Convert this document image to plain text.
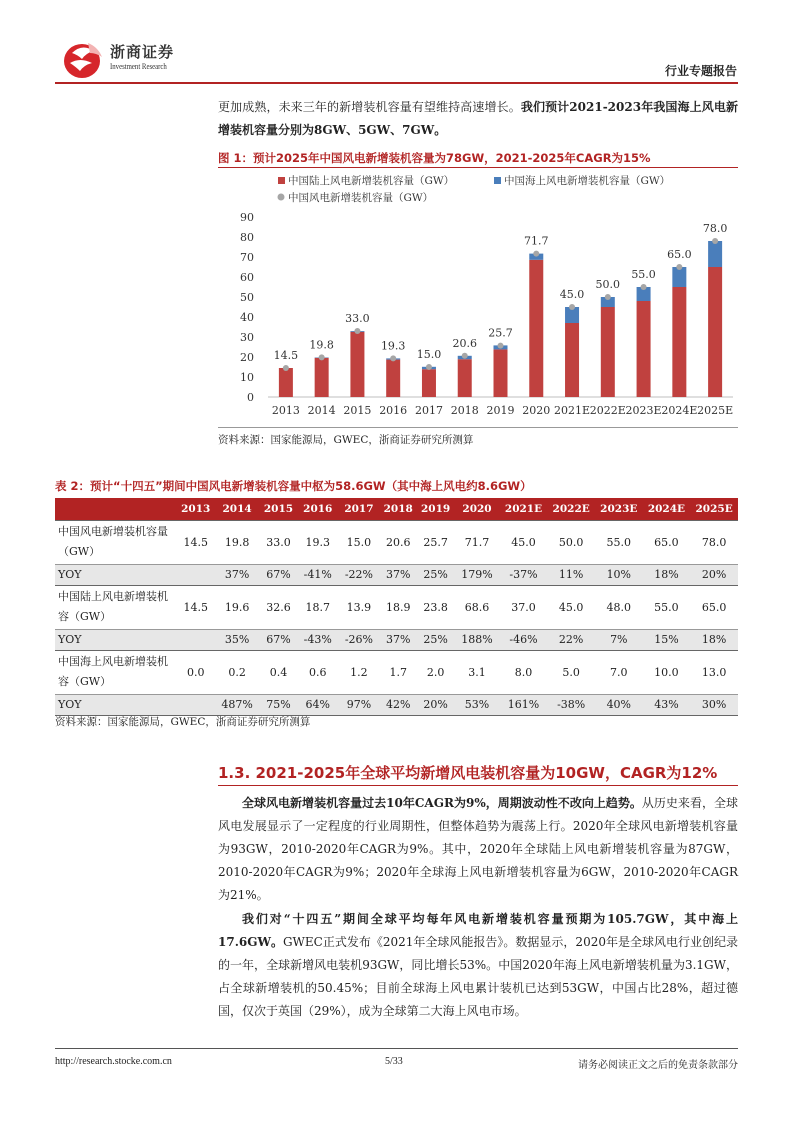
浙商证券
Investment Research	行业专题报告
更加成熟，未来三年的新增装机容量有望维持高速增长。我们预计2021-2023年我国海上风电新增装机容量分别为8GW、5GW、7GW。
图 1：预计2025年中国风电新增装机容量为78GW，2021-2025年CAGR为15%
中国陆上风电新增装机容量（GW）	中国海上风电新增装机容量（GW）
中国风电新增装机容量（GW）
0
10
20
30
40
50
60
70
80
90
14.5
2013
19.8
2014
33.0
2015
19.3
2016
15.0
2017
20.6
2018
25.7
2019
71.7
2020
45.0
2021E
50.0
2022E
55.0
2023E
65.0
2024E
78.0
2025E
资料来源：国家能源局，GWEC，浙商证券研究所测算
表 2：预计“十四五”期间中国风电新增装机容量中枢为58.6GW（其中海上风电约8.6GW）
	2013	2014	2015	2016	2017	2018	2019	2020	2021E	2022E	2023E	2024E	2025E
中国风电新增装机容量（GW）	14.5	19.8	33.0	19.3	15.0	20.6	25.7	71.7	45.0	50.0	55.0	65.0	78.0
YOY		37%	67%	-41%	-22%	37%	25%	179%	-37%	11%	10%	18%	20%
中国陆上风电新增装机容（GW）	14.5	19.6	32.6	18.7	13.9	18.9	23.8	68.6	37.0	45.0	48.0	55.0	65.0
YOY		35%	67%	-43%	-26%	37%	25%	188%	-46%	22%	7%	15%	18%
中国海上风电新增装机容（GW）	0.0	0.2	0.4	0.6	1.2	1.7	2.0	3.1	8.0	5.0	7.0	10.0	13.0
YOY		487%	75%	64%	97%	42%	20%	53%	161%	-38%	40%	43%	30%
资料来源：国家能源局，GWEC，浙商证券研究所测算
1.3. 2021-2025年全球平均新增风电装机容量为10GW，CAGR为12%
全球风电新增装机容量过去10年CAGR为9%，周期波动性不改向上趋势。从历史来看，全球风电发展显示了一定程度的行业周期性，但整体趋势为震荡上行。2020年全球风电新增装机容量为93GW，2010-2020年CAGR为9%。其中，2020年全球陆上风电新增装机容量为87GW，2010-2020年CAGR为9%；2020年全球海上风电新增装机容量为6GW，2010-2020年CAGR为21%。
我们对“十四五”期间全球平均每年风电新增装机容量预期为105.7GW，其中海上17.6GW。GWEC正式发布《2021年全球风能报告》。数据显示，2020年是全球风电行业创纪录的一年，全球新增风电装机93GW，同比增长53%。中国2020年海上风电新增装机量为3.1GW，占全球新增装机的50.45%；目前全球海上风电累计装机已达到53GW，中国占比28%，超过德国，仅次于英国（29%），成为全球第二大海上风电市场。
http://research.stocke.com.cn	5/33	请务必阅读正文之后的免责条款部分
